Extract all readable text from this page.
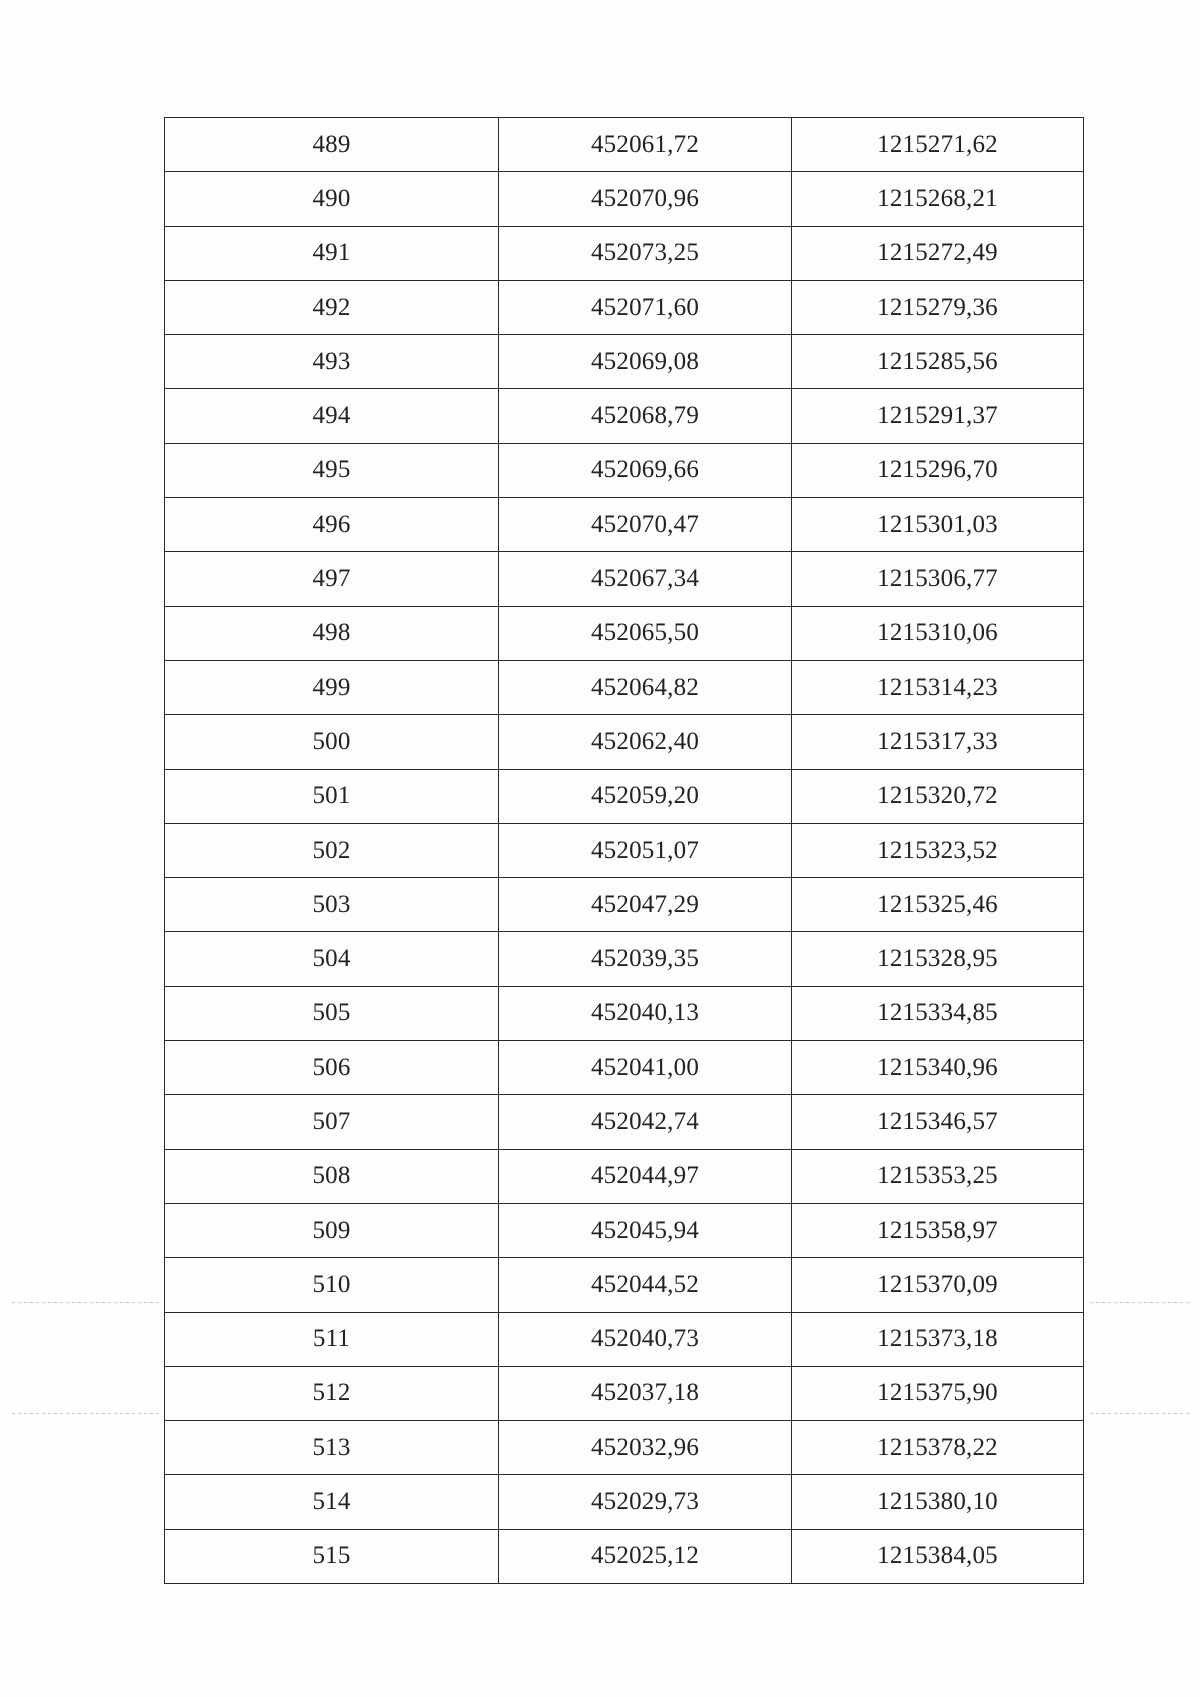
489	452061,72	1215271,62
490	452070,96	1215268,21
491	452073,25	1215272,49
492	452071,60	1215279,36
493	452069,08	1215285,56
494	452068,79	1215291,37
495	452069,66	1215296,70
496	452070,47	1215301,03
497	452067,34	1215306,77
498	452065,50	1215310,06
499	452064,82	1215314,23
500	452062,40	1215317,33
501	452059,20	1215320,72
502	452051,07	1215323,52
503	452047,29	1215325,46
504	452039,35	1215328,95
505	452040,13	1215334,85
506	452041,00	1215340,96
507	452042,74	1215346,57
508	452044,97	1215353,25
509	452045,94	1215358,97
510	452044,52	1215370,09
511	452040,73	1215373,18
512	452037,18	1215375,90
513	452032,96	1215378,22
514	452029,73	1215380,10
515	452025,12	1215384,05
